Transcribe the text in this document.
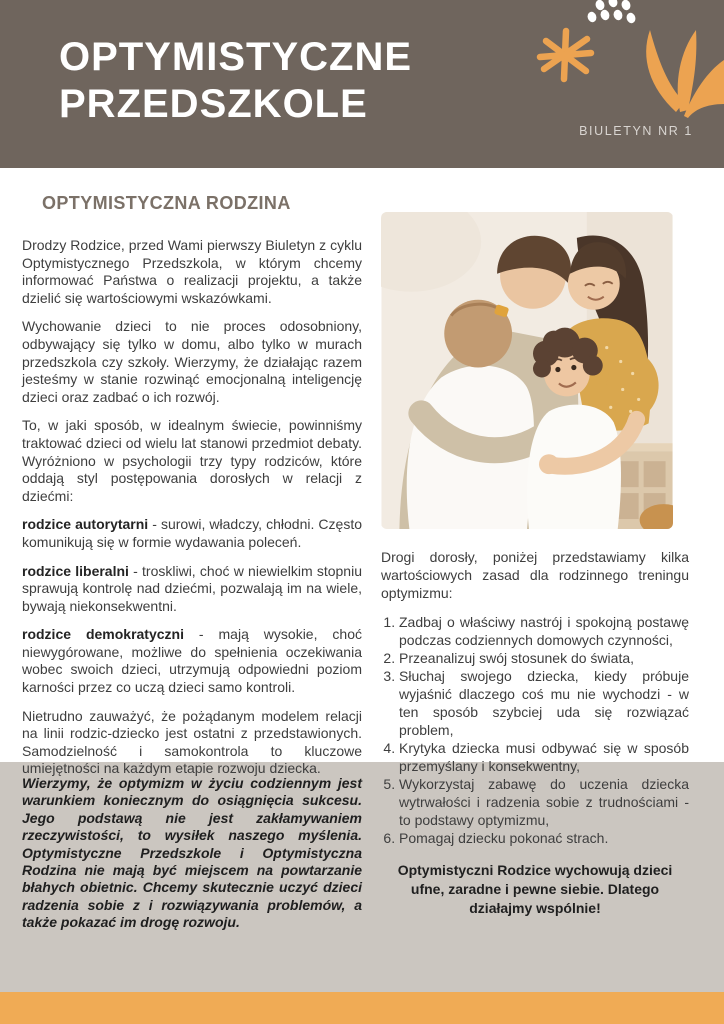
OPTYMISTYCZNE
PRZEDSZKOLE
BIULETYN NR 1
OPTYMISTYCZNA RODZINA

Drodzy Rodzice, przed Wami pierwszy Biuletyn z cyklu Optymistycznego Przedszkola, w którym chcemy informować Państwa o realizacji projektu, a także dzielić się wartościowymi wskazówkami.

Wychowanie dzieci to nie proces odosobniony, odbywający się tylko w domu, albo tylko w murach przedszkola czy szkoły. Wierzymy, że działając razem jesteśmy w stanie rozwinąć emocjonalną inteligencję dzieci oraz zadbać o ich rozwój.

To, w jaki sposób, w idealnym świecie, powinniśmy traktować dzieci od wielu lat stanowi przedmiot debaty. Wyróżniono w psychologii trzy typy rodziców, które oddają styl postępowania dorosłych w relacji z dziećmi:

rodzice autorytarni - surowi, władczy, chłodni. Często komunikują się w formie wydawania poleceń.

rodzice liberalni - troskliwi, choć w niewielkim stopniu sprawują kontrolę nad dziećmi, pozwalają im na wiele, bywają niekonsekwentni.

rodzice demokratyczni - mają wysokie, choć niewygórowane, możliwe do spełnienia oczekiwania wobec swoich dzieci, utrzymują odpowiedni poziom karności przez co uczą dzieci samo kontroli.

Nietrudno zauważyć, że pożądanym modelem relacji na linii rodzic-dziecko jest ostatni z przedstawionych. Samodzielność i samokontrola to kluczowe umiejętności na każdym etapie rozwoju dziecka.

Wierzymy, że optymizm w życiu codziennym jest warunkiem koniecznym do osiągnięcia sukcesu. Jego podstawą nie jest zakłamywaniem rzeczywistości, to wysiłek naszego myślenia. Optymistyczne Przedszkole i Optymistyczna Rodzina nie mają być miejscem na powtarzanie błahych obietnic. Chcemy skutecznie uczyć dzieci radzenia sobie z i rozwiązywania problemów, a także pokazać im drogę rozwoju.

Drogi dorosły, poniżej przedstawiamy kilka wartościowych zasad dla rodzinnego treningu optymizmu:

1. Zadbaj o właściwy nastrój i spokojną postawę podczas codziennych domowych czynności,
2. Przeanalizuj swój stosunek do świata,
3. Słuchaj swojego dziecka, kiedy próbuje wyjaśnić dlaczego coś mu nie wychodzi - w ten sposób szybciej uda się rozwiązać problem,
4. Krytyka dziecka musi odbywać się w sposób przemyślany i konsekwentny,
5. Wykorzystaj zabawę do uczenia dziecka wytrwałości i radzenia sobie z trudnościami - to podstawy optymizmu,
6. Pomagaj dziecku pokonać strach.

Optymistyczni Rodzice wychowują dzieci ufne, zaradne i pewne siebie. Dlatego działajmy wspólnie!
